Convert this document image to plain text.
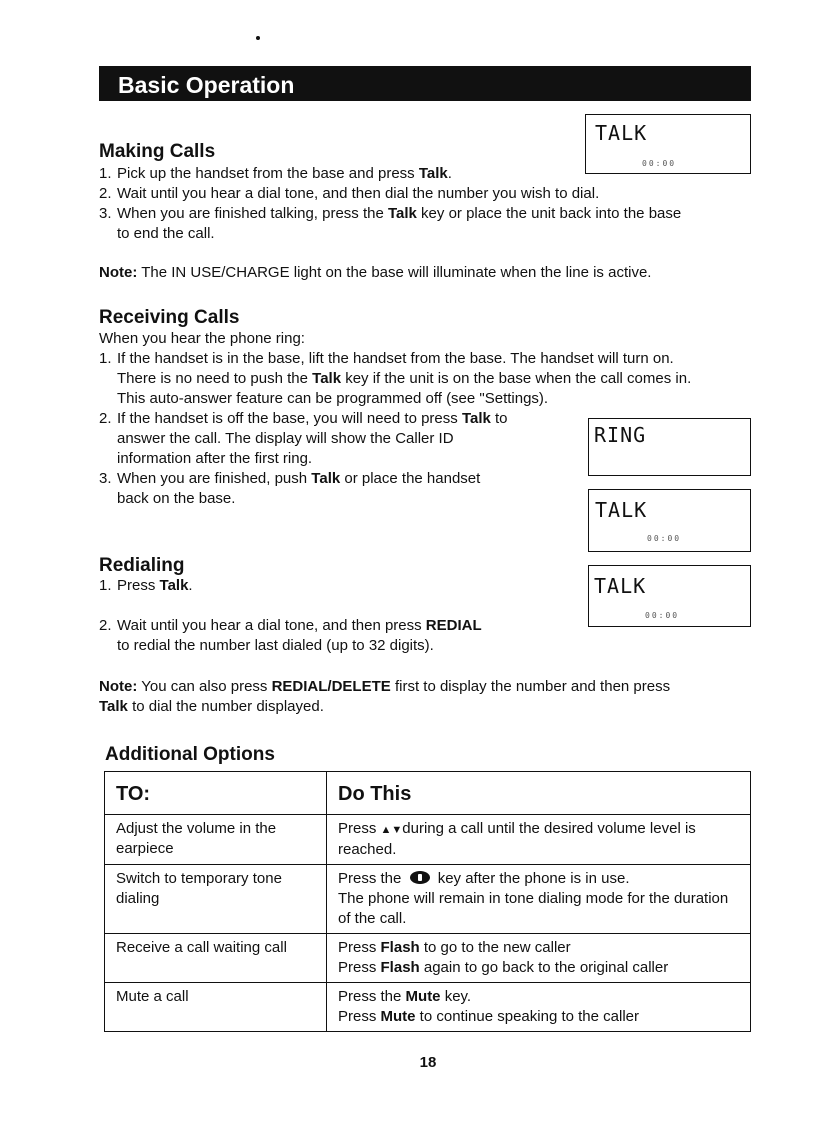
Basic Operation
Making Calls
1. Pick up the handset from the base and press Talk.
2. Wait until you hear a dial tone, and then dial the number you wish to dial.
3. When you are finished talking, press the Talk key or place the unit back into the base
to end the call.
Note: The IN USE/CHARGE light on the base will illuminate when the line is active.
Receiving Calls
When you hear the phone ring:
1. If the handset is in the base, lift the handset from the base. The handset will turn on.
There is no need to push the Talk key if the unit is on the base when the call comes in.
This auto-answer feature can be programmed off (see "Settings).
2. If the handset is off the base, you will need to press Talk to
answer the call. The display will show the Caller ID
information after the first ring.
3. When you are finished, push Talk or place the handset
back on the base.
Redialing
1. Press Talk.
2. Wait until you hear a dial tone, and then press REDIAL
to redial the number last dialed (up to 32 digits).
Note: You can also press REDIAL/DELETE first to display the number and then press
Talk to dial the number displayed.
TALK
00:00
RING
TALK
00:00
TALK
00:00
Additional Options
TO:	Do This
Adjust the volume in the earpiece	Press ▲▼during a call until the desired volume level is reached.
Switch to temporary tone dialing	Press the  key after the phone is in use.
The phone will remain in tone dialing mode for the duration of the call.

Receive a call waiting call	Press Flash to go to the new caller
Press Flash again to go back to the original caller

Mute a call	Press the Mute key.
Press Mute to continue speaking to the caller
18
